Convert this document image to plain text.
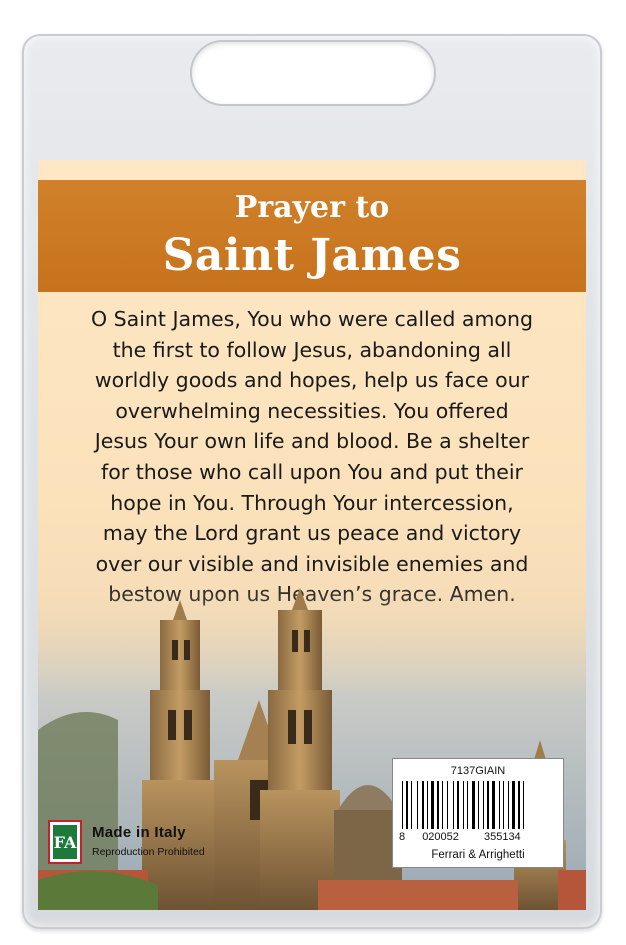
Prayer to
Saint James
O Saint James, You who were called among
the first to follow Jesus, abandoning all
worldly goods and hopes, help us face our
overwhelming necessities. You offered
Jesus Your own life and blood. Be a shelter
for those who call upon You and put their
hope in You. Through Your intercession,
may the Lord grant us peace and victory
over our visible and invisible enemies and
FA Made in Italy
Reproduction Prohibited
7137GIAIN
8 020052 355134
Ferrari & Arrighetti
